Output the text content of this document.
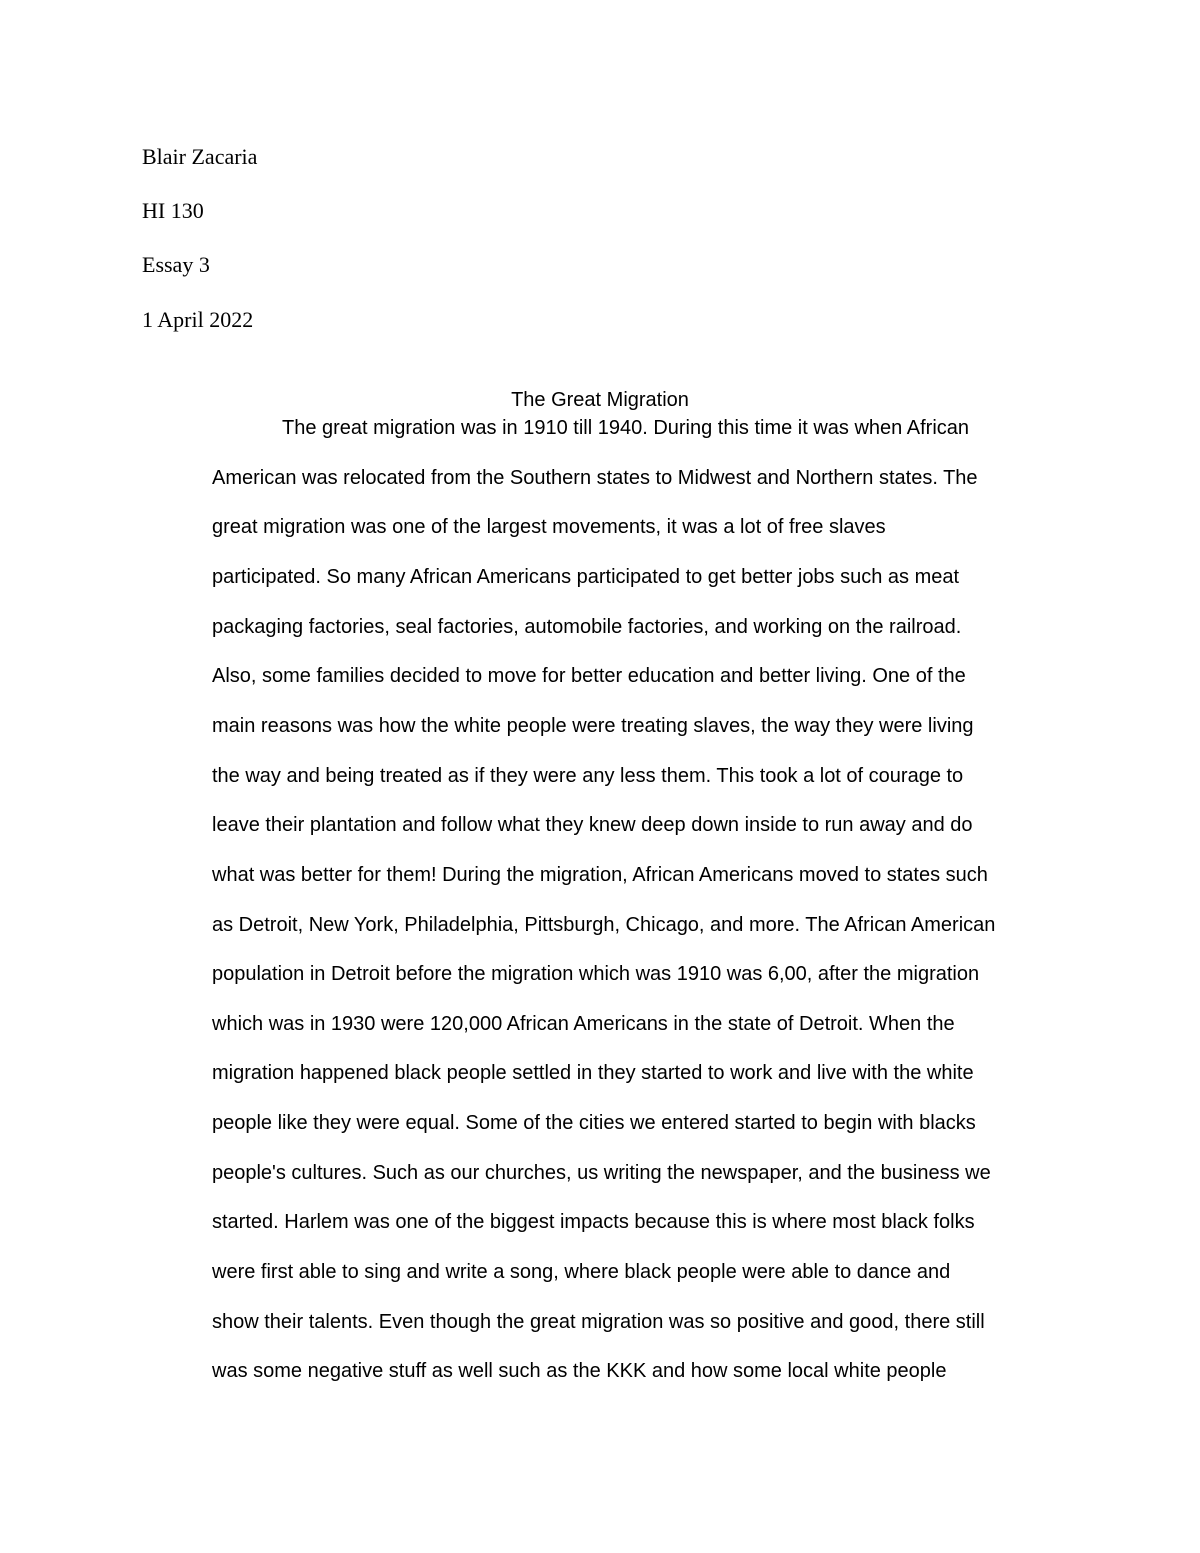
Blair Zacaria
HI 130
Essay 3
1 April 2022
The Great Migration
The great migration was in 1910 till 1940. During this time it was when African
American was relocated from the Southern states to Midwest and Northern states. The
great migration was one of the largest movements, it was a lot of free slaves
participated. So many African Americans participated to get better jobs such as meat
packaging factories, seal factories, automobile factories, and working on the railroad.
Also, some families decided to move for better education and better living. One of the
main reasons was how the white people were treating slaves, the way they were living
the way and being treated as if they were any less them. This took a lot of courage to
leave their plantation and follow what they knew deep down inside to run away and do
what was better for them! During the migration, African Americans moved to states such
as Detroit, New York, Philadelphia, Pittsburgh, Chicago, and more. The African American
population in Detroit before the migration which was 1910 was 6,00, after the migration
which was in 1930 were 120,000 African Americans in the state of Detroit. When the
migration happened black people settled in they started to work and live with the white
people like they were equal. Some of the cities we entered started to begin with blacks
people's cultures. Such as our churches, us writing the newspaper, and the business we
started. Harlem was one of the biggest impacts because this is where most black folks
were first able to sing and write a song, where black people were able to dance and
show their talents. Even though the great migration was so positive and good, there still
was some negative stuff as well such as the KKK and how some local white people
